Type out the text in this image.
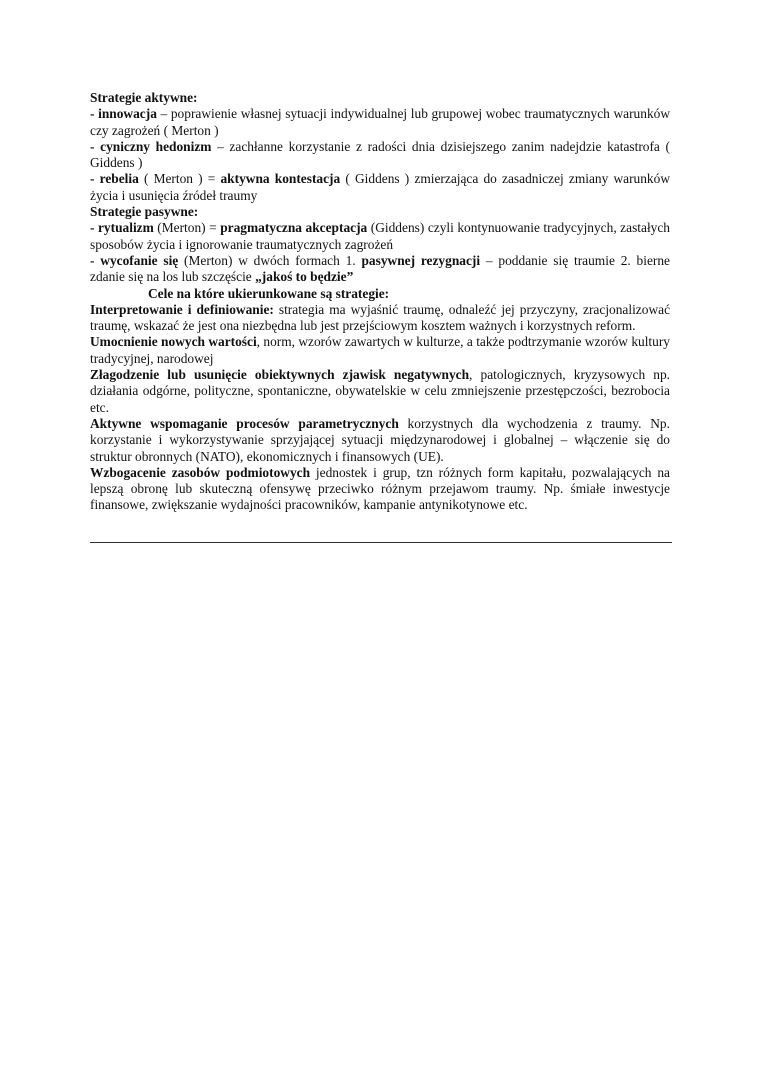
Strategie aktywne:

- innowacja – poprawienie własnej sytuacji indywidualnej lub grupowej wobec traumatycznych warunków czy zagrożeń ( Merton )

- cyniczny hedonizm – zachłanne korzystanie z radości dnia dzisiejszego zanim nadejdzie katastrofa ( Giddens )

- rebelia ( Merton ) = aktywna kontestacja ( Giddens ) zmierzająca do zasadniczej zmiany warunków życia i usunięcia źródeł traumy

Strategie pasywne:

- rytualizm (Merton) = pragmatyczna akceptacja (Giddens) czyli kontynuowanie tradycyjnych, zastałych sposobów życia i ignorowanie traumatycznych zagrożeń

- wycofanie się (Merton) w dwóch formach 1. pasywnej rezygnacji – poddanie się traumie 2. bierne zdanie się na los lub szczęście „jakoś to będzie”

Cele na które ukierunkowane są strategie:

Interpretowanie i definiowanie: strategia ma wyjaśnić traumę, odnaleźć jej przyczyny, zracjonalizować traumę, wskazać że jest ona niezbędna lub jest przejściowym kosztem ważnych i korzystnych reform.

Umocnienie nowych wartości, norm, wzorów zawartych w kulturze, a także podtrzymanie wzorów kultury tradycyjnej, narodowej

Złagodzenie lub usunięcie obiektywnych zjawisk negatywnych, patologicznych, kryzysowych np. działania odgórne, polityczne, spontaniczne, obywatelskie w celu zmniejszenie przestępczości, bezrobocia etc.

Aktywne wspomaganie procesów parametrycznych korzystnych dla wychodzenia z traumy. Np. korzystanie i wykorzystywanie sprzyjającej sytuacji międzynarodowej i globalnej – włączenie się do struktur obronnych (NATO), ekonomicznych i finansowych (UE).

Wzbogacenie zasobów podmiotowych jednostek i grup, tzn różnych form kapitału, pozwalających na lepszą obronę lub skuteczną ofensywę przeciwko różnym przejawom traumy. Np. śmiałe inwestycje finansowe, zwiększanie wydajności pracowników, kampanie antynikotynowe etc.
